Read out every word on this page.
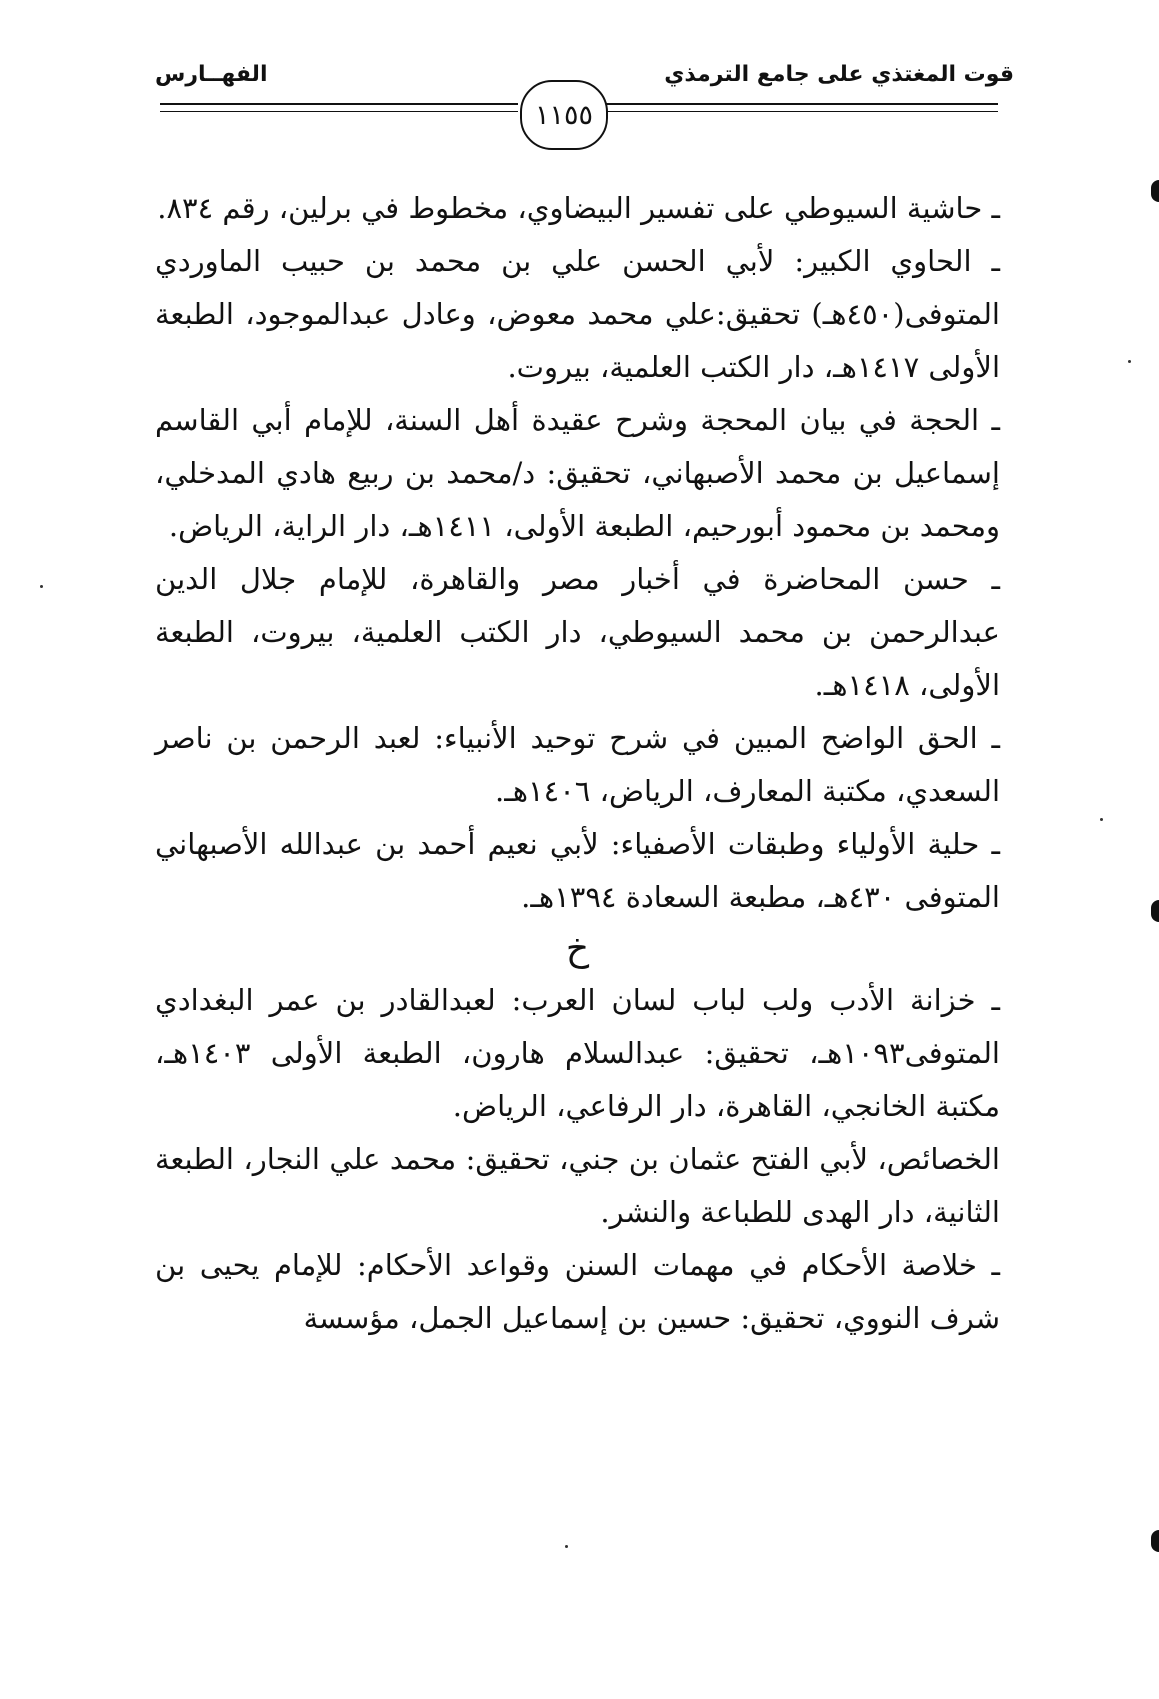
قوت المغتذي على جامع الترمذي
الفهــارس
١١٥٥

ـ حاشية السيوطي على تفسير البيضاوي، مخطوط في برلين، رقم ٨٣٤.

ـ الحاوي الكبير: لأبي الحسن علي بن محمد بن حبيب الماوردي المتوفى(٤٥٠هـ) تحقيق:علي محمد معوض، وعادل عبدالموجود، الطبعة الأولى ١٤١٧هـ، دار الكتب العلمية، بيروت.

ـ الحجة في بيان المحجة وشرح عقيدة أهل السنة، للإمام أبي القاسم إسماعيل بن محمد الأصبهاني، تحقيق: د/محمد بن ربيع هادي المدخلي، ومحمد بن محمود أبورحيم، الطبعة الأولى، ١٤١١هـ، دار الراية، الرياض.

ـ حسن المحاضرة في أخبار مصر والقاهرة، للإمام جلال الدين عبدالرحمن بن محمد السيوطي، دار الكتب العلمية، بيروت، الطبعة الأولى، ١٤١٨هـ.

ـ الحق الواضح المبين في شرح توحيد الأنبياء: لعبد الرحمن بن ناصر السعدي، مكتبة المعارف، الرياض، ١٤٠٦هـ.

ـ حلية الأولياء وطبقات الأصفياء: لأبي نعيم أحمد بن عبدالله الأصبهاني المتوفى ٤٣٠هـ، مطبعة السعادة ١٣٩٤هـ.

خ

ـ خزانة الأدب ولب لباب لسان العرب: لعبدالقادر بن عمر البغدادي المتوفى١٠٩٣هـ، تحقيق: عبدالسلام هارون، الطبعة الأولى ١٤٠٣هـ، مكتبة الخانجي، القاهرة، دار الرفاعي، الرياض.

الخصائص، لأبي الفتح عثمان بن جني، تحقيق: محمد علي النجار، الطبعة الثانية، دار الهدى للطباعة والنشر.

ـ خلاصة الأحكام في مهمات السنن وقواعد الأحكام: للإمام يحيى بن شرف النووي، تحقيق: حسين بن إسماعيل الجمل، مؤسسة
